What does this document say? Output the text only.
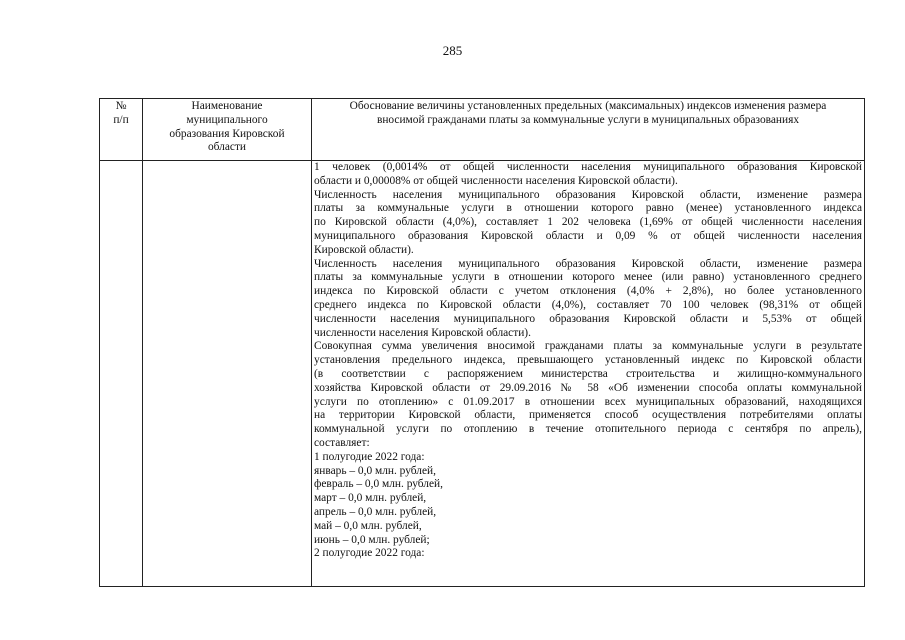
285
№
п/п
Наименование
муниципального
образования Кировской
области
Обоснование величины установленных предельных (максимальных) индексов изменения размера
вносимой гражданами платы за коммунальные услуги в муниципальных образованиях
1 человек (0,0014% от общей численности населения муниципального образования Кировской
области и 0,00008% от общей численности населения Кировской области).
Численность населения муниципального образования Кировской области, изменение размера
платы за коммунальные услуги в отношении которого равно (менее) установленного индекса
по Кировской области (4,0%), составляет 1 202 человека (1,69% от общей численности населения
муниципального образования Кировской области и 0,09 % от общей численности населения
Кировской области).
Численность населения муниципального образования Кировской области, изменение размера
платы за коммунальные услуги в отношении которого менее (или равно) установленного среднего
индекса по Кировской области с учетом отклонения (4,0% + 2,8%), но более установленного
среднего индекса по Кировской области (4,0%), составляет 70 100 человек (98,31% от общей
численности населения муниципального образования Кировской области и 5,53% от общей
численности населения Кировской области).
Совокупная сумма увеличения вносимой гражданами платы за коммунальные услуги в результате
установления предельного индекса, превышающего установленный индекс по Кировской области
(в соответствии с распоряжением министерства строительства и жилищно-коммунального
хозяйства Кировской области от 29.09.2016 № 58 «Об изменении способа оплаты коммунальной
услуги по отоплению» с 01.09.2017 в отношении всех муниципальных образований, находящихся
на территории Кировской области, применяется способ осуществления потребителями оплаты
коммунальной услуги по отоплению в течение отопительного периода с сентября по апрель),
составляет:
1 полугодие 2022 года:
январь – 0,0 млн. рублей,
февраль – 0,0 млн. рублей,
март – 0,0 млн. рублей,
апрель – 0,0 млн. рублей,
май – 0,0 млн. рублей,
июнь – 0,0 млн. рублей;
2 полугодие 2022 года:
